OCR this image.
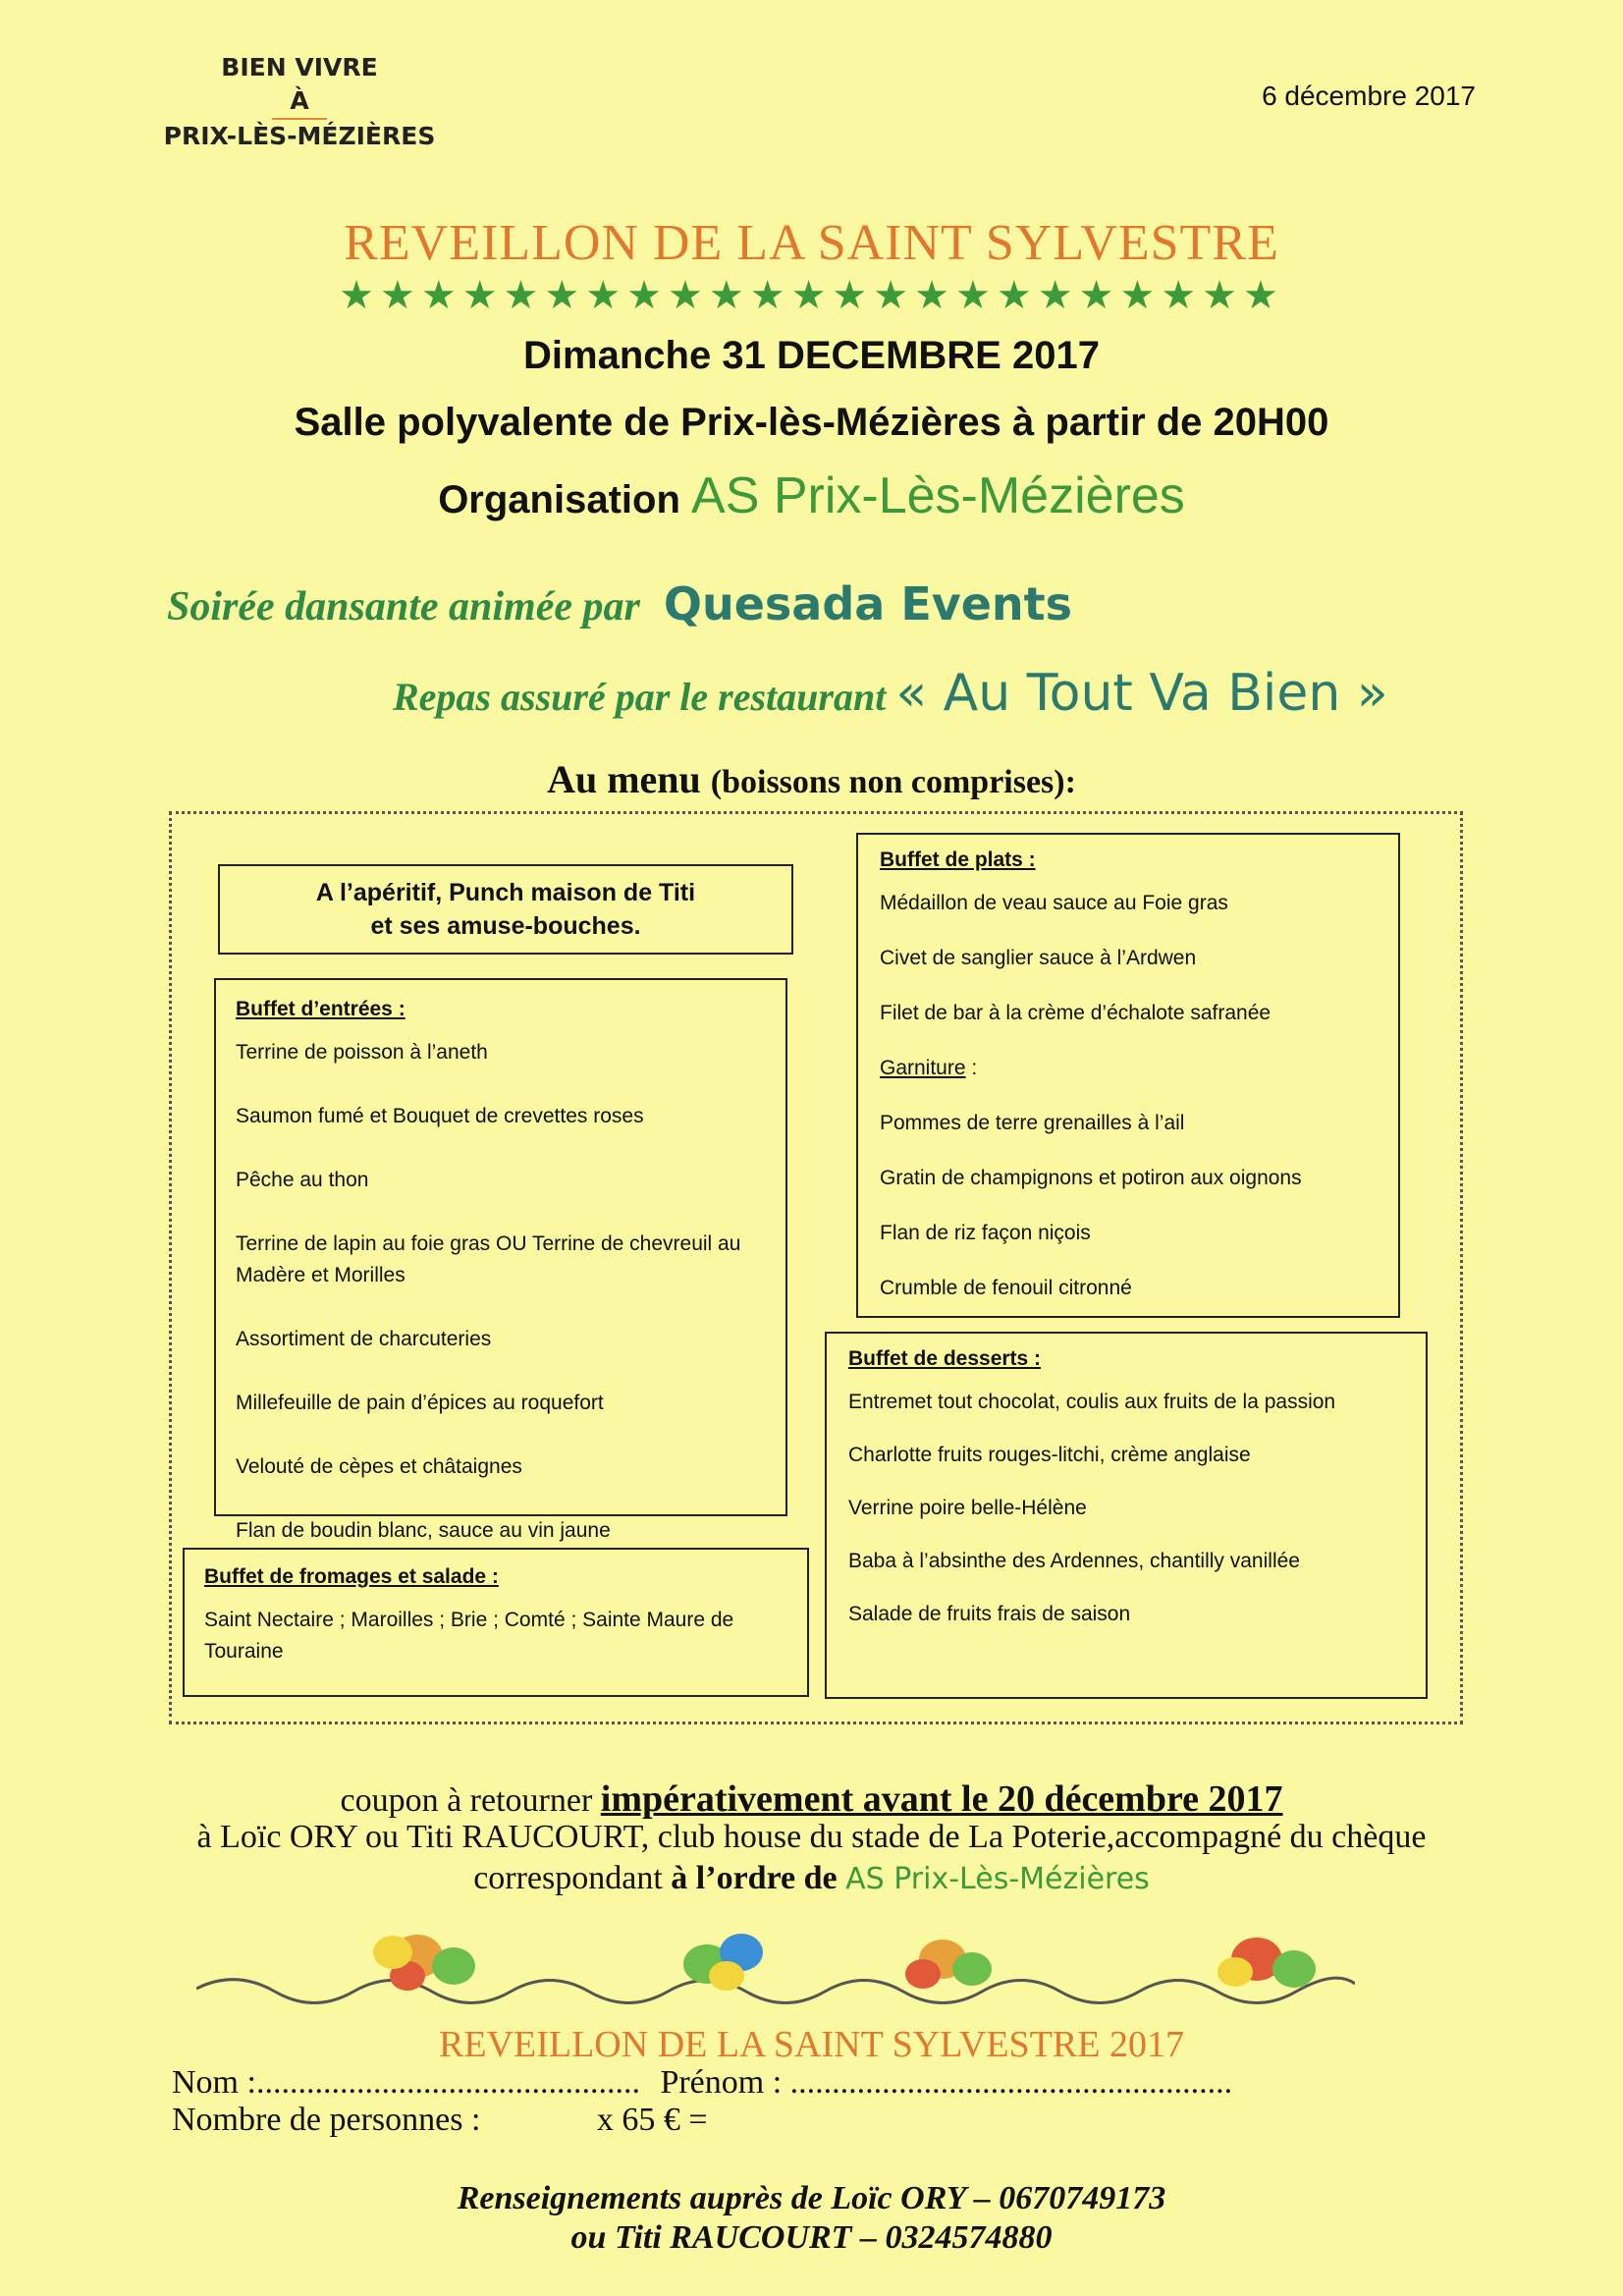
BIEN VIVRE
À
PRIX-LÈS-MÉZIÈRES
6 décembre 2017
REVEILLON DE LA SAINT SYLVESTRE
★★★★★★★★★★★★★★★★★★★★★★★
Dimanche 31 DECEMBRE 2017
Salle polyvalente de Prix-lès-Mézières à partir de 20H00
Organisation AS Prix-Lès-Mézières
Soirée dansante animée par Quesada Events
Repas assuré par le restaurant « Au Tout Va Bien »
Au menu (boissons non comprises):
A l’apéritif, Punch maison de Titi
et ses amuse-bouches.
Buffet d’entrées :
Terrine de poisson à l’aneth
Saumon fumé et Bouquet de crevettes roses
Pêche au thon
Terrine de lapin au foie gras OU Terrine de chevreuil au Madère et Morilles
Assortiment de charcuteries
Millefeuille de pain d’épices au roquefort
Velouté de cèpes et châtaignes
Flan de boudin blanc, sauce au vin jaune
Buffet de fromages et salade :
Saint Nectaire ; Maroilles ; Brie ; Comté ; Sainte Maure de Touraine
Buffet de plats :
Médaillon de veau sauce au Foie gras
Civet de sanglier sauce à l’Ardwen
Filet de bar à la crème d’échalote safranée
Garniture :
Pommes de terre grenailles à l’ail
Gratin de champignons et potiron aux oignons
Flan de riz façon niçois
Crumble de fenouil citronné
Buffet de desserts :
Entremet tout chocolat, coulis aux fruits de la passion
Charlotte fruits rouges-litchi, crème anglaise
Verrine poire belle-Hélène
Baba à l’absinthe des Ardennes, chantilly vanillée
Salade de fruits frais de saison
coupon à retourner impérativement avant le 20 décembre 2017
à Loïc ORY ou Titi RAUCOURT, club house du stade de La Poterie,accompagné du chèque
correspondant à l’ordre de AS Prix-Lès-Mézières
REVEILLON DE LA SAINT SYLVESTRE 2017
Nom :.............................................. Prénom : .....................................................
Nombre de personnes :	x 65 € =
Renseignements auprès de Loïc ORY – 0670749173
ou Titi RAUCOURT – 0324574880
